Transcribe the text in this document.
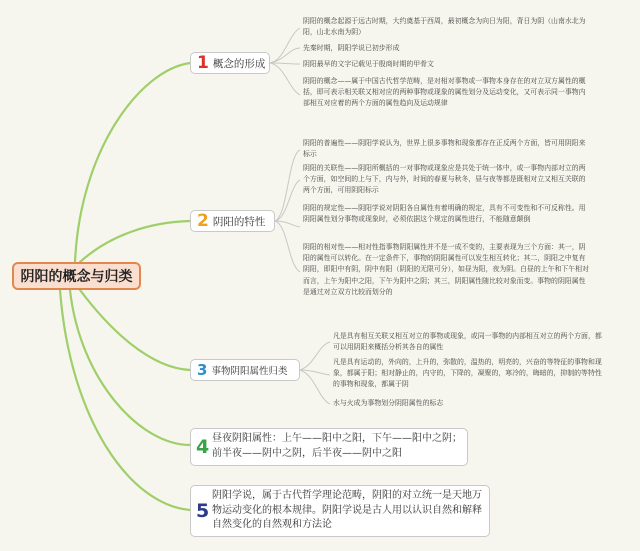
阴阳的概念与归类
1 概念的形成

阴阳的概念起源于远古时期，大约奠基于西周，最初概念为向日为阳，背日为阴（山南水北为阳，山北水南为阴）

先秦时期，阴阳学说已初步形成

阴阳最早的文字记载见于殷商时期的甲骨文

阴阳的概念——属于中国古代哲学范畴，是对相对事物或一事物本身存在的对立双方属性的概括，即可表示相关联又相对应的两种事物或现象的属性划分及运动变化，又可表示同一事物内部相互对应着的两个方面的属性趋向及运动规律

2 阴阳的特性

阴阳的普遍性——阴阳学说认为，世界上很多事物和现象都存在正反两个方面，皆可用阴阳来标示

阴阳的关联性——阴阳所概括的一对事物或现象应是共处于统一体中，或一事物内部对立的两个方面，如空间的上与下，内与外，时间的春夏与秋冬，昼与夜等都是既相对立又相互关联的两个方面，可用阴阳标示

阴阳的规定性——阴阳学说对阴阳各自属性有着明确的规定，具有不可变性和不可反称性。用阴阳属性划分事物或现象时，必须依据这个规定的属性进行，不能随意颠倒

阴阳的相对性——相对性指事物阴阳属性并不是一成不变的，主要表现为三个方面：其一，阴阳的属性可以转化。在一定条件下，事物的阴阳属性可以发生相互转化；其二，阴阳之中复有阴阳，即阳中有阴，阴中有阳（阴阳的无限可分），如昼为阳，夜为阴。白昼的上午和下午相对而言，上午为阳中之阳，下午为阳中之阴；其三，阴阳属性随比较对象而变。事物的阴阳属性是通过对立双方比较而划分的

3 事物阴阳属性归类

凡是具有相互关联又相互对立的事物或现象，或同一事物的内部相互对立的两个方面，都可以用阴阳来概括分析其各自的属性

凡是具有运动的，外向的，上升的，弥散的，温热的，明亮的，兴奋的等特征的事物和现象，都属于阳；相对静止的，内守的，下降的，凝聚的，寒冷的，晦暗的，抑制的等特性的事物和现象，都属于阴

水与火成为事物划分阴阳属性的标志

4 昼夜阴阳属性：上午——阳中之阳，下午——阳中之阴；前半夜——阴中之阴，后半夜——阴中之阳

5

阴阳学说，属于古代哲学理论范畴，阴阳的对立统一是天地万物运动变化的根本规律。阴阳学说是古人用以认识自然和解释自然变化的自然观和方法论
